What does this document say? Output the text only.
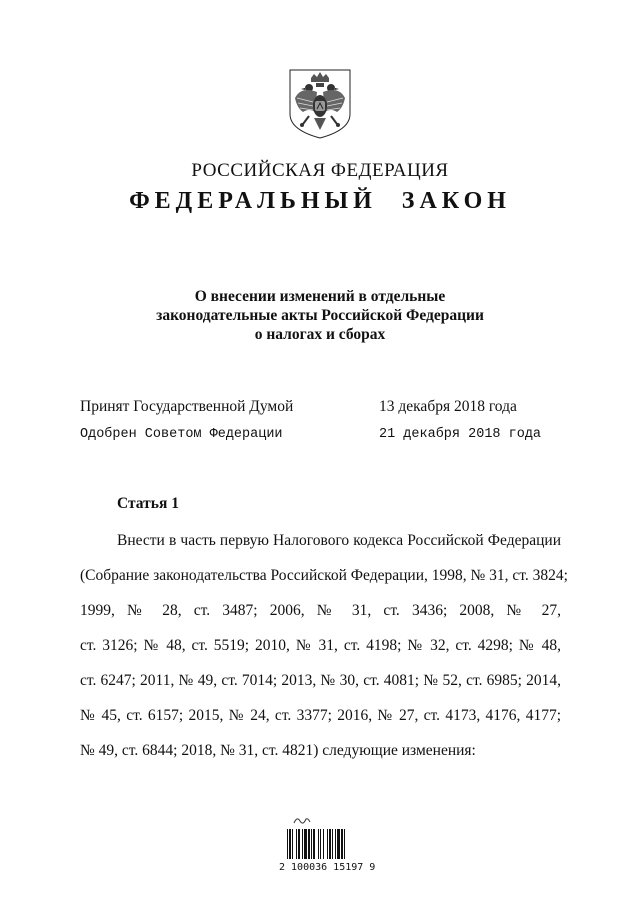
РОССИЙСКАЯ ФЕДЕРАЦИЯ
ФЕДЕРАЛЬНЫЙ ЗАКОН
О внесении изменений в отдельные
законодательные акты Российской Федерации
о налогах и сборах
Принят Государственной Думой	13 декабря 2018 года
Одобрен Советом Федерации	21 декабря 2018 года
Статья 1
Внести в часть первую Налогового кодекса Российской Федерации
(Собрание законодательства Российской Федерации, 1998, № 31, ст. 3824;
1999, № 28, ст. 3487; 2006, № 31, ст. 3436; 2008, № 27,
ст. 3126; № 48, ст. 5519; 2010, № 31, ст. 4198; № 32, ст. 4298; № 48,
ст. 6247; 2011, № 49, ст. 7014; 2013, № 30, ст. 4081; № 52, ст. 6985; 2014,
№ 45, ст. 6157; 2015, № 24, ст. 3377; 2016, № 27, ст. 4173, 4176, 4177;
№ 49, ст. 6844; 2018, № 31, ст. 4821) следующие изменения:
2 100036 15197 9
